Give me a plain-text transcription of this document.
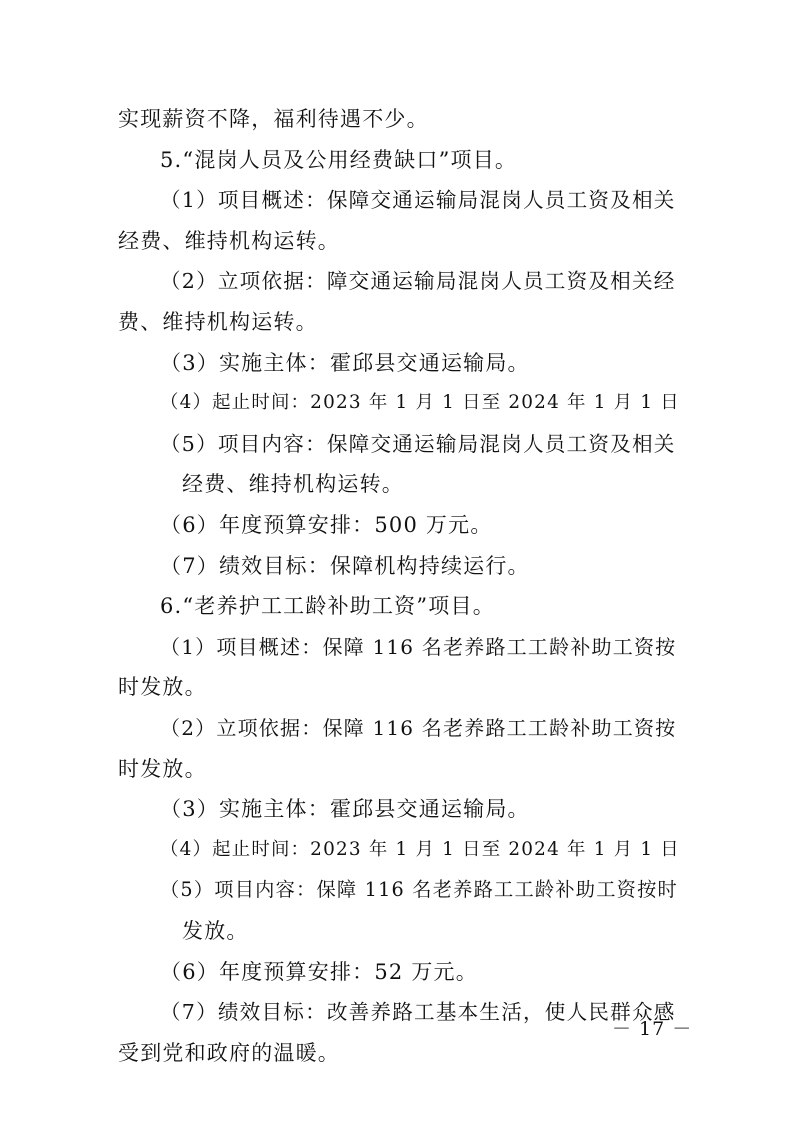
实现薪资不降，福利待遇不少。
5.“混岗人员及公用经费缺口”项目。
（1）项目概述：保障交通运输局混岗人员工资及相关
经费、维持机构运转。
（2）立项依据：障交通运输局混岗人员工资及相关经
费、维持机构运转。
（3）实施主体：霍邱县交通运输局。
（4）起止时间：2023 年 1 月 1 日至 2024 年 1 月 1 日
（5）项目内容：保障交通运输局混岗人员工资及相关
经费、维持机构运转。
（6）年度预算安排：500 万元。
（7）绩效目标：保障机构持续运行。
6.“老养护工工龄补助工资”项目。
（1）项目概述：保障 116 名老养路工工龄补助工资按
时发放。
（2）立项依据：保障 116 名老养路工工龄补助工资按
时发放。
（3）实施主体：霍邱县交通运输局。
（4）起止时间：2023 年 1 月 1 日至 2024 年 1 月 1 日
（5）项目内容：保障 116 名老养路工工龄补助工资按时
发放。
（6）年度预算安排：52 万元。
（7）绩效目标：改善养路工基本生活，使人民群众感
受到党和政府的温暖。
－ 17 －
